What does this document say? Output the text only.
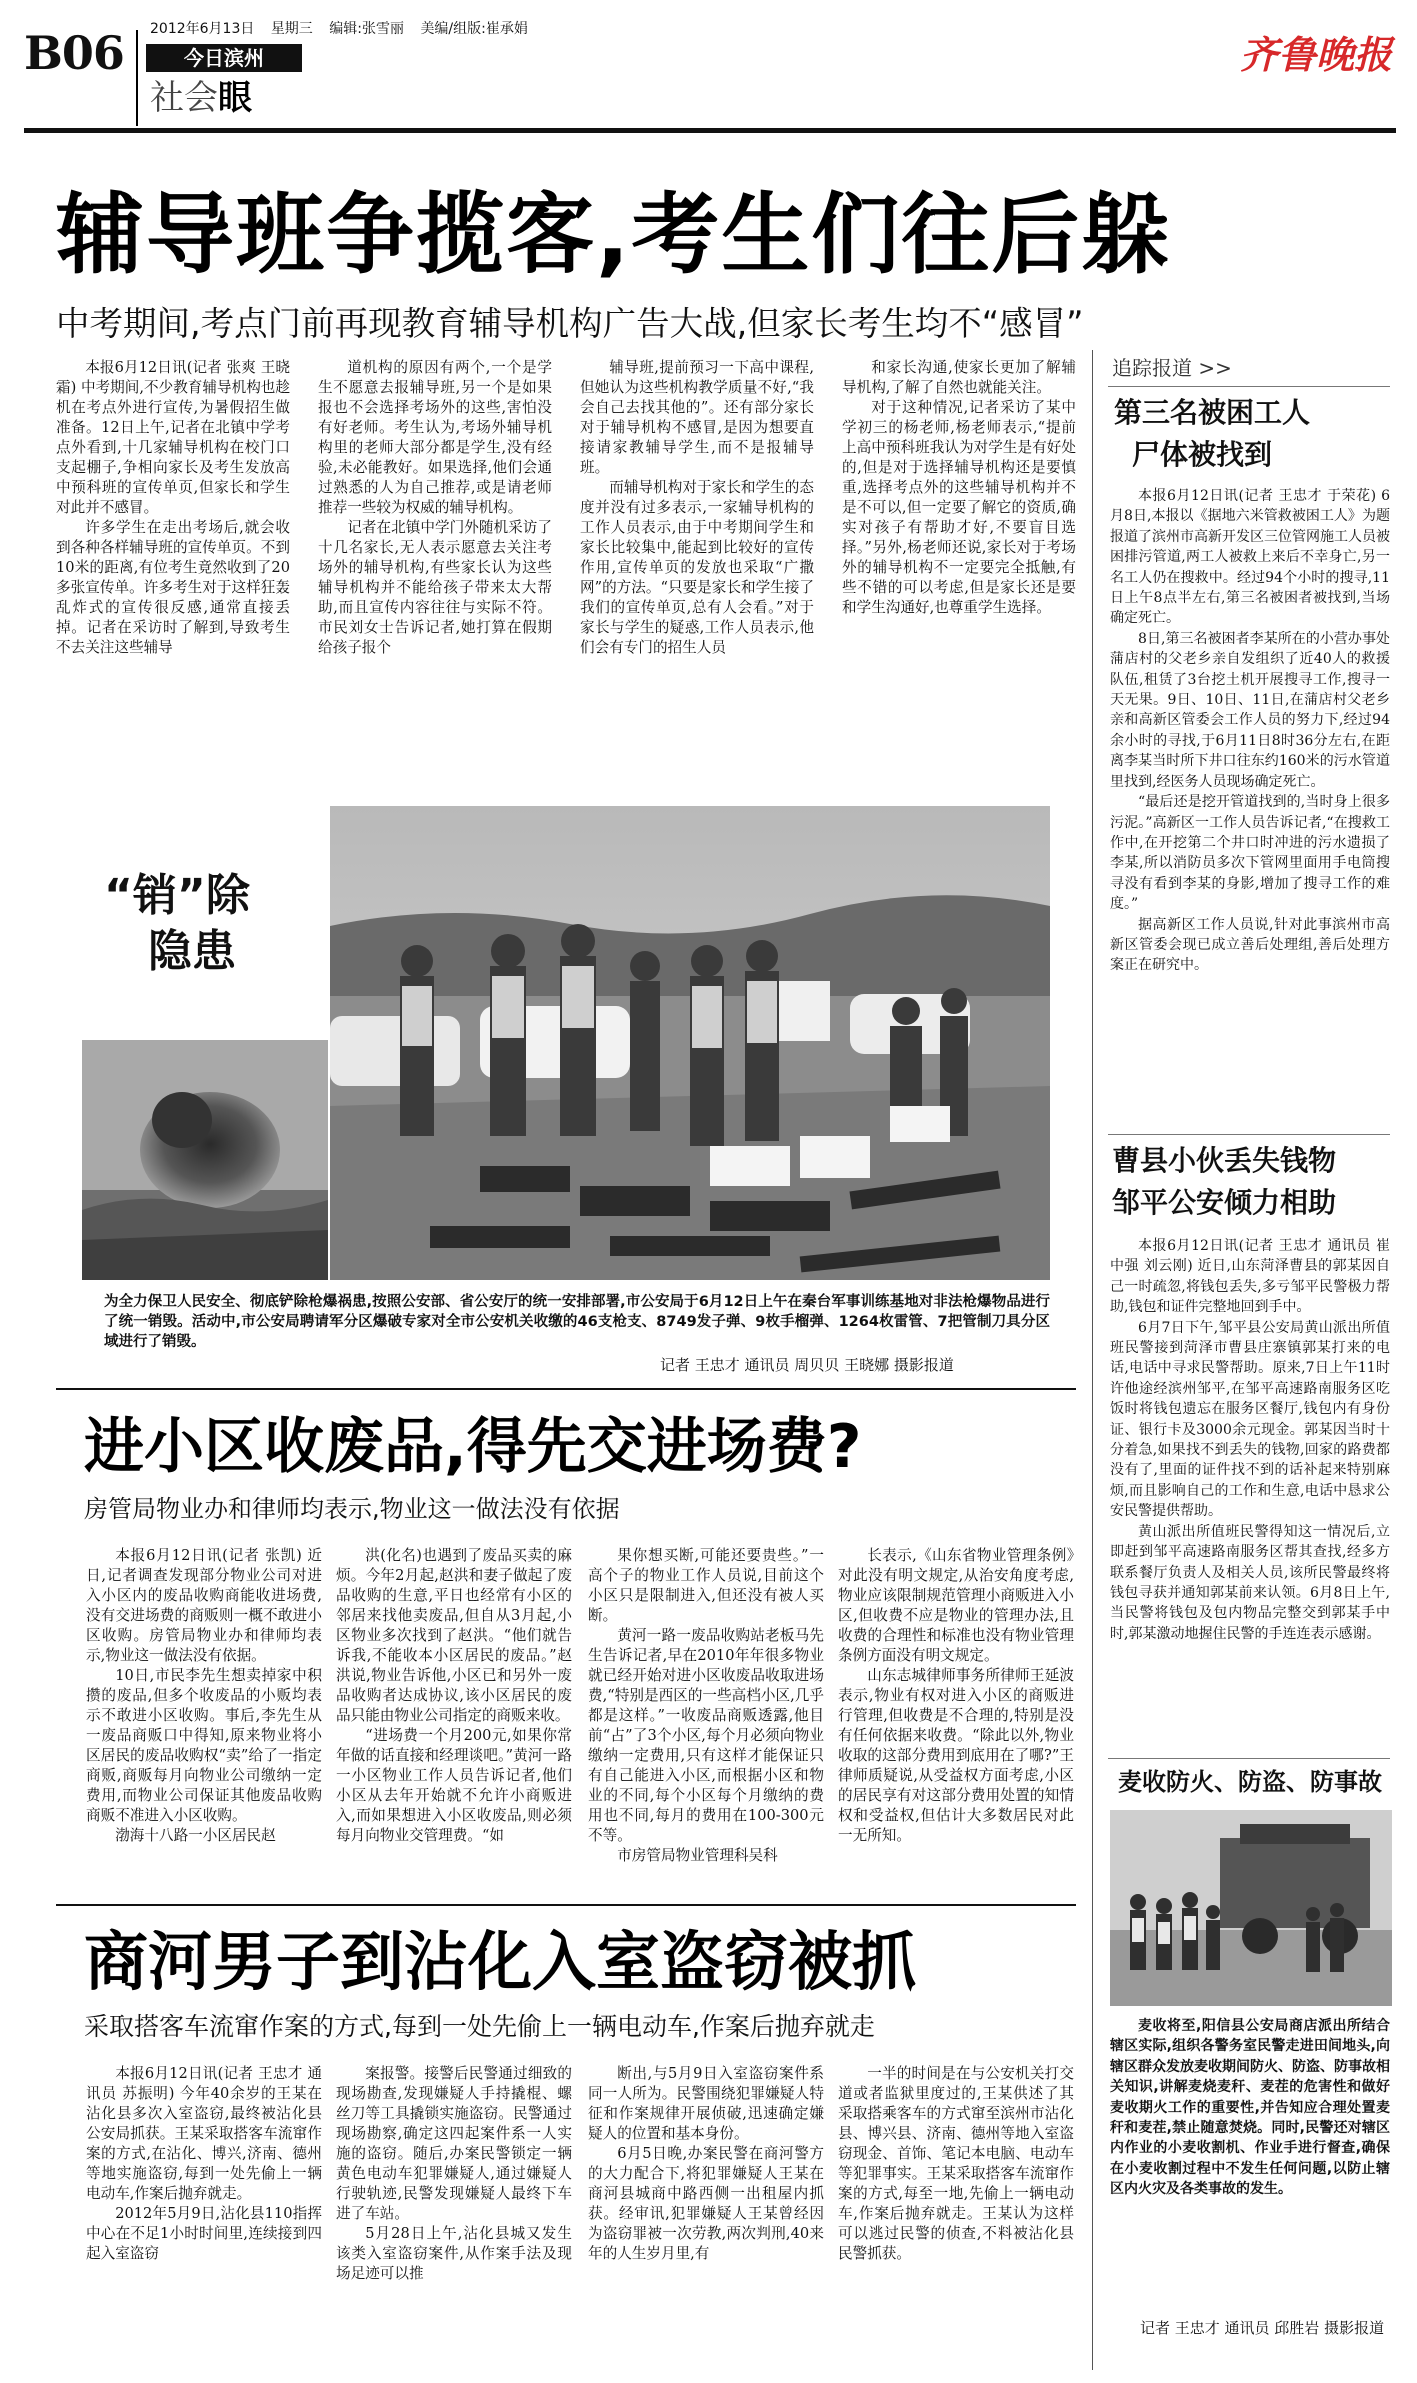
B06 2012年6月13日 星期三 编辑:张雪丽 美编/组版:崔承娟
今日滨州
社会眼
齐鲁晚报
辅导班争揽客,考生们往后躲
中考期间,考点门前再现教育辅导机构广告大战,但家长考生均不“感冒”

本报6月12日讯(记者 张爽 王晓霜) 中考期间,不少教育辅导机构也趁机在考点外进行宣传,为暑假招生做准备。12日上午,记者在北镇中学考点外看到,十几家辅导机构在校门口支起棚子,争相向家长及考生发放高中预科班的宣传单页,但家长和学生对此并不感冒。

许多学生在走出考场后,就会收到各种各样辅导班的宣传单页。不到10米的距离,有位考生竟然收到了20多张宣传单。许多考生对于这样狂轰乱炸式的宣传很反感,通常直接丢掉。记者在采访时了解到,导致考生不去关注这些辅导

道机构的原因有两个,一个是学生不愿意去报辅导班,另一个是如果报也不会选择考场外的这些,害怕没有好老师。考生认为,考场外辅导机构里的老师大部分都是学生,没有经验,未必能教好。如果选择,他们会通过熟悉的人为自己推荐,或是请老师推荐一些较为权威的辅导机构。

记者在北镇中学门外随机采访了十几名家长,无人表示愿意去关注考场外的辅导机构,有些家长认为这些辅导机构并不能给孩子带来太大帮助,而且宣传内容往往与实际不符。市民刘女士告诉记者,她打算在假期给孩子报个

辅导班,提前预习一下高中课程,但她认为这些机构教学质量不好,“我会自己去找其他的”。还有部分家长对于辅导机构不感冒,是因为想要直接请家教辅导学生,而不是报辅导班。

而辅导机构对于家长和学生的态度并没有过多表示,一家辅导机构的工作人员表示,由于中考期间学生和家长比较集中,能起到比较好的宣传作用,宣传单页的发放也采取“广撒网”的方法。“只要是家长和学生接了我们的宣传单页,总有人会看。”对于家长与学生的疑惑,工作人员表示,他们会有专门的招生人员

和家长沟通,使家长更加了解辅导机构,了解了自然也就能关注。

对于这种情况,记者采访了某中学初三的杨老师,杨老师表示,“提前上高中预科班我认为对学生是有好处的,但是对于选择辅导机构还是要慎重,选择考点外的这些辅导机构并不是不可以,但一定要了解它的资质,确实对孩子有帮助才好,不要盲目选择。”另外,杨老师还说,家长对于考场外的辅导机构不一定要完全抵触,有些不错的可以考虑,但是家长还是要和学生沟通好,也尊重学生选择。

“销”除
隐患
为全力保卫人民安全、彻底铲除枪爆祸患,按照公安部、省公安厅的统一安排部署,市公安局于6月12日上午在秦台军事训练基地对非法枪爆物品进行了统一销毁。活动中,市公安局聘请军分区爆破专家对全市公安机关收缴的46支枪支、8749发子弹、9枚手榴弹、1264枚雷管、7把管制刀具分区域进行了销毁。
记者 王忠才 通讯员 周贝贝 王晓娜 摄影报道
进小区收废品,得先交进场费?
房管局物业办和律师均表示,物业这一做法没有依据

本报6月12日讯(记者 张凯) 近日,记者调查发现部分物业公司对进入小区内的废品收购商能收进场费,没有交进场费的商贩则一概不敢进小区收购。房管局物业办和律师均表示,物业这一做法没有依据。

10日,市民李先生想卖掉家中积攒的废品,但多个收废品的小贩均表示不敢进小区收购。事后,李先生从一废品商贩口中得知,原来物业将小区居民的废品收购权“卖”给了一指定商贩,商贩每月向物业公司缴纳一定费用,而物业公司保证其他废品收购商贩不准进入小区收购。

渤海十八路一小区居民赵

洪(化名)也遇到了废品买卖的麻烦。今年2月起,赵洪和妻子做起了废品收购的生意,平日也经常有小区的邻居来找他卖废品,但自从3月起,小区物业多次找到了赵洪。“他们就告诉我,不能收本小区居民的废品。”赵洪说,物业告诉他,小区已和另外一废品收购者达成协议,该小区居民的废品只能由物业公司指定的商贩来收。

“进场费一个月200元,如果你常年做的话直接和经理谈吧。”黄河一路一小区物业工作人员告诉记者,他们小区从去年开始就不允许小商贩进入,而如果想进入小区收废品,则必须每月向物业交管理费。“如

果你想买断,可能还要贵些。”一高个子的物业工作人员说,目前这个小区只是限制进入,但还没有被人买断。

黄河一路一废品收购站老板马先生告诉记者,早在2010年年很多物业就已经开始对进小区收废品收取进场费,“特别是西区的一些高档小区,几乎都是这样。”一收废品商贩透露,他目前“占”了3个小区,每个月必须向物业缴纳一定费用,只有这样才能保证只有自己能进入小区,而根据小区和物业的不同,每个小区每个月缴纳的费用也不同,每月的费用在100-300元不等。

市房管局物业管理科吴科

长表示,《山东省物业管理条例》对此没有明文规定,从治安角度考虑,物业应该限制规范管理小商贩进入小区,但收费不应是物业的管理办法,且收费的合理性和标准也没有物业管理条例方面没有明文规定。

山东志城律师事务所律师王延波表示,物业有权对进入小区的商贩进行管理,但收费是不合理的,特别是没有任何依据来收费。“除此以外,物业收取的这部分费用到底用在了哪?”王律师质疑说,从受益权方面考虑,小区的居民享有对这部分费用处置的知情权和受益权,但估计大多数居民对此一无所知。

商河男子到沾化入室盗窃被抓
采取搭客车流窜作案的方式,每到一处先偷上一辆电动车,作案后抛弃就走

本报6月12日讯(记者 王忠才 通讯员 苏振明) 今年40余岁的王某在沾化县多次入室盗窃,最终被沾化县公安局抓获。王某采取搭客车流窜作案的方式,在沾化、博兴,济南、德州等地实施盗窃,每到一处先偷上一辆电动车,作案后抛弃就走。

2012年5月9日,沾化县110指挥中心在不足1小时时间里,连续接到四起入室盗窃

案报警。接警后民警通过细致的现场勘查,发现嫌疑人手持撬棍、螺丝刀等工具撬锁实施盗窃。民警通过现场勘察,确定这四起案件系一人实施的盗窃。随后,办案民警锁定一辆黄色电动车犯罪嫌疑人,通过嫌疑人行驶轨迹,民警发现嫌疑人最终下车进了车站。

5月28日上午,沾化县城又发生该类入室盗窃案件,从作案手法及现场足迹可以推

断出,与5月9日入室盗窃案件系同一人所为。民警围绕犯罪嫌疑人特征和作案规律开展侦破,迅速确定嫌疑人的位置和基本身份。

6月5日晚,办案民警在商河警方的大力配合下,将犯罪嫌疑人王某在商河县城商中路西侧一出租屋内抓获。经审讯,犯罪嫌疑人王某曾经因为盗窃罪被一次劳教,两次判刑,40来年的人生岁月里,有

一半的时间是在与公安机关打交道或者监狱里度过的,王某供述了其采取搭乘客车的方式窜至滨州市沾化县、博兴县、济南、德州等地入室盗窃现金、首饰、笔记本电脑、电动车等犯罪事实。王某采取搭客车流窜作案的方式,每至一地,先偷上一辆电动车,作案后抛弃就走。王某认为这样可以逃过民警的侦查,不料被沾化县民警抓获。

追踪报道 >>
第三名被困工人
尸体被找到

本报6月12日讯(记者 王忠才 于荣花) 6月8日,本报以《据地六米管救被困工人》为题报道了滨州市高新开发区三位管网施工人员被困排污管道,两工人被救上来后不幸身亡,另一名工人仍在搜救中。经过94个小时的搜寻,11日上午8点半左右,第三名被困者被找到,当场确定死亡。

8日,第三名被困者李某所在的小营办事处蒲店村的父老乡亲自发组织了近40人的救援队伍,租赁了3台挖土机开展搜寻工作,搜寻一天无果。9日、10日、11日,在蒲店村父老乡亲和高新区管委会工作人员的努力下,经过94余小时的寻找,于6月11日8时36分左右,在距离李某当时所下井口往东约160米的污水管道里找到,经医务人员现场确定死亡。

“最后还是挖开管道找到的,当时身上很多污泥。”高新区一工作人员告诉记者,“在搜救工作中,在开挖第二个井口时冲进的污水遗损了李某,所以消防员多次下管网里面用手电筒搜寻没有看到李某的身影,增加了搜寻工作的难度。”

据高新区工作人员说,针对此事滨州市高新区管委会现已成立善后处理组,善后处理方案正在研究中。

曹县小伙丢失钱物
邹平公安倾力相助

本报6月12日讯(记者 王忠才 通讯员 崔中强 刘云刚) 近日,山东菏泽曹县的郭某因自己一时疏忽,将钱包丢失,多亏邹平民警极力帮助,钱包和证件完整地回到手中。

6月7日下午,邹平县公安局黄山派出所值班民警接到菏泽市曹县庄寨镇郭某打来的电话,电话中寻求民警帮助。原来,7日上午11时许他途经滨州邹平,在邹平高速路南服务区吃饭时将钱包遗忘在服务区餐厅,钱包内有身份证、银行卡及3000余元现金。郭某因当时十分着急,如果找不到丢失的钱物,回家的路费都没有了,里面的证件找不到的话补起来特别麻烦,而且影响自己的工作和生意,电话中恳求公安民警提供帮助。

黄山派出所值班民警得知这一情况后,立即赶到邹平高速路南服务区帮其查找,经多方联系餐厅负责人及相关人员,该所民警最终将钱包寻获并通知郭某前来认领。6月8日上午,当民警将钱包及包内物品完整交到郭某手中时,郭某激动地握住民警的手连连表示感谢。

麦收防火、防盗、防事故

麦收将至,阳信县公安局商店派出所结合辖区实际,组织各警务室民警走进田间地头,向辖区群众发放麦收期间防火、防盗、防事故相关知识,讲解麦烧麦秆、麦茬的危害性和做好麦收期火工作的重要性,并告知应合理处置麦秆和麦茬,禁止随意焚烧。同时,民警还对辖区内作业的小麦收割机、作业手进行督查,确保在小麦收割过程中不发生任何问题,以防止辖区内火灾及各类事故的发生。

记者 王忠才 通讯员 邱胜岩 摄影报道
